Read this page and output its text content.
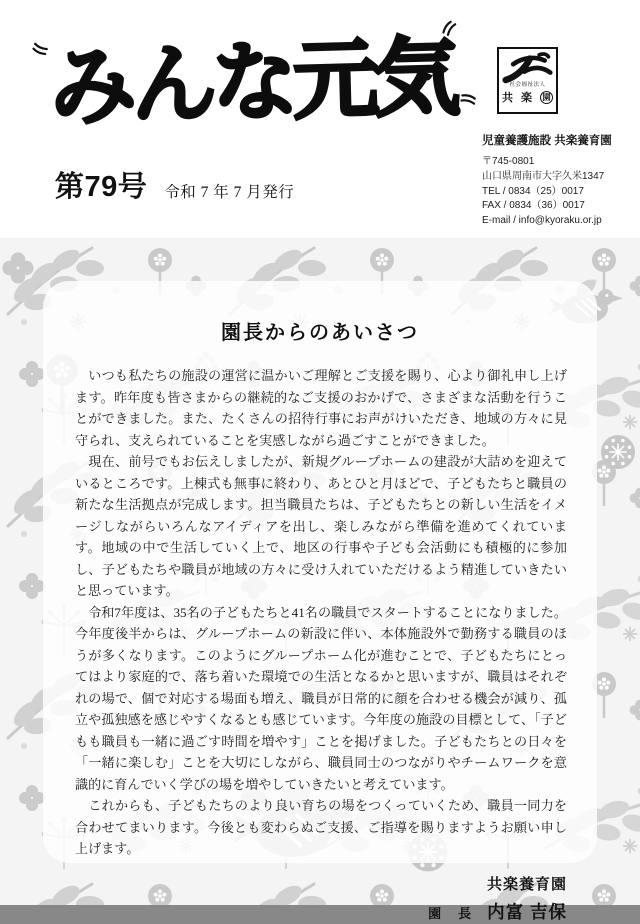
みんな元気
第79号 令和 7 年 7 月発行
社会福祉法人
共 楽 園
児童養護施設 共楽養育園
〒745-0801
山口県周南市大字久米1347
TEL / 0834（25）0017
FAX / 0834（36）0017
E-mail / info@kyoraku.or.jp
園長からのあいさつ

　いつも私たちの施設の運営に温かいご理解とご支援を賜り、心より御礼申し上げます。昨年度も皆さまからの継続的なご支援のおかげで、さまざまな活動を行うことができました。また、たくさんの招待行事にお声がけいただき、地域の方々に見守られ、支えられていることを実感しながら過ごすことができました。

　現在、前号でもお伝えしましたが、新規グループホームの建設が大詰めを迎えているところです。上棟式も無事に終わり、あとひと月ほどで、子どもたちと職員の新たな生活拠点が完成します。担当職員たちは、子どもたちとの新しい生活をイメージしながらいろんなアイディアを出し、楽しみながら準備を進めてくれています。地域の中で生活していく上で、地区の行事や子ども会活動にも積極的に参加し、子どもたちや職員が地域の方々に受け入れていただけるよう精進していきたいと思っています。

　令和7年度は、35名の子どもたちと41名の職員でスタートすることになりました。今年度後半からは、グループホームの新設に伴い、本体施設外で勤務する職員のほうが多くなります。このようにグループホーム化が進むことで、子どもたちにとってはより家庭的で、落ち着いた環境での生活となるかと思いますが、職員はそれぞれの場で、個で対応する場面も増え、職員が日常的に顔を合わせる機会が減り、孤立や孤独感を感じやすくなるとも感じています。今年度の施設の目標として、「子どもも職員も一緒に過ごす時間を増やす」ことを掲げました。子どもたちとの日々を「一緒に楽しむ」ことを大切にしながら、職員同士のつながりやチームワークを意識的に育んでいく学びの場を増やしていきたいと考えています。

　これからも、子どもたちのより良い育ちの場をつくっていくため、職員一同力を合わせてまいります。今後とも変わらぬご支援、ご指導を賜りますようお願い申し上げます。

共楽養育園
園　長 内富 吉保
